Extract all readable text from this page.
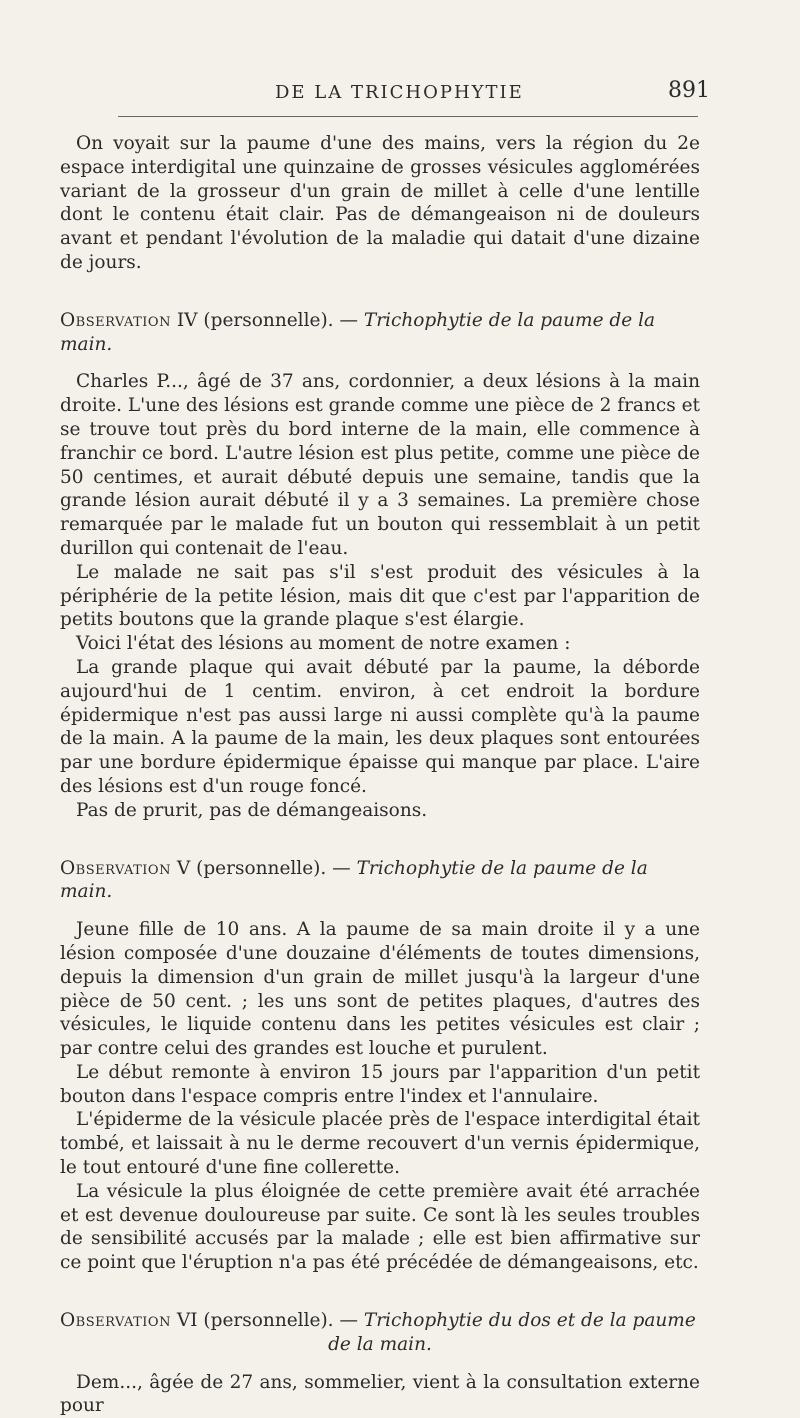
DE LA TRICHOPHYTIE	891

On voyait sur la paume d'une des mains, vers la région du 2e espace interdigital une quinzaine de grosses vésicules agglomérées variant de la grosseur d'un grain de millet à celle d'une lentille dont le contenu était clair. Pas de démangeaison ni de douleurs avant et pendant l'évolution de la maladie qui datait d'une dizaine de jours.

Observation IV (personnelle). — Trichophytie de la paume de la main.

Charles P..., âgé de 37 ans, cordonnier, a deux lésions à la main droite. L'une des lésions est grande comme une pièce de 2 francs et se trouve tout près du bord interne de la main, elle commence à franchir ce bord. L'autre lésion est plus petite, comme une pièce de 50 centimes, et aurait débuté depuis une semaine, tandis que la grande lésion aurait débuté il y a 3 semaines. La première chose remarquée par le malade fut un bouton qui ressemblait à un petit durillon qui contenait de l'eau.

Le malade ne sait pas s'il s'est produit des vésicules à la périphérie de la petite lésion, mais dit que c'est par l'apparition de petits boutons que la grande plaque s'est élargie.

Voici l'état des lésions au moment de notre examen :

La grande plaque qui avait débuté par la paume, la déborde aujourd'hui de 1 centim. environ, à cet endroit la bordure épidermique n'est pas aussi large ni aussi complète qu'à la paume de la main. A la paume de la main, les deux plaques sont entourées par une bordure épidermique épaisse qui manque par place. L'aire des lésions est d'un rouge foncé.

Pas de prurit, pas de démangeaisons.

Observation V (personnelle). — Trichophytie de la paume de la main.

Jeune fille de 10 ans. A la paume de sa main droite il y a une lésion composée d'une douzaine d'éléments de toutes dimensions, depuis la dimension d'un grain de millet jusqu'à la largeur d'une pièce de 50 cent. ; les uns sont de petites plaques, d'autres des vésicules, le liquide contenu dans les petites vésicules est clair ; par contre celui des grandes est louche et purulent.

Le début remonte à environ 15 jours par l'apparition d'un petit bouton dans l'espace compris entre l'index et l'annulaire.

L'épiderme de la vésicule placée près de l'espace interdigital était tombé, et laissait à nu le derme recouvert d'un vernis épidermique, le tout entouré d'une fine collerette.

La vésicule la plus éloignée de cette première avait été arrachée et est devenue douloureuse par suite. Ce sont là les seules troubles de sensibilité accusés par la malade ; elle est bien affirmative sur ce point que l'éruption n'a pas été précédée de démangeaisons, etc.

Observation VI (personnelle). — Trichophytie du dos et de la paume
de la main.

Dem..., âgée de 27 ans, sommelier, vient à la consultation externe pour
